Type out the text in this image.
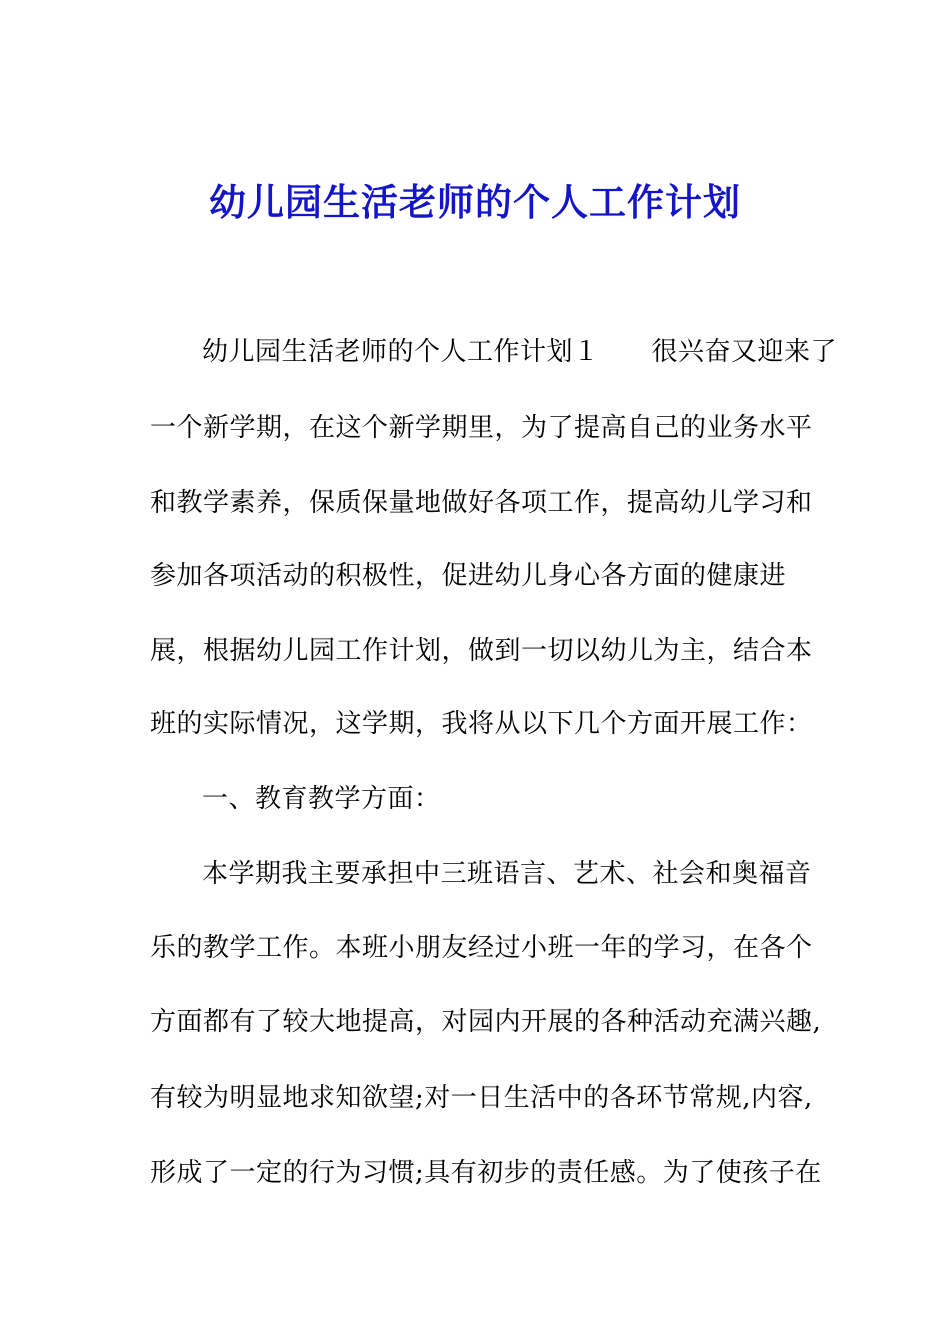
幼儿园生活老师的个人工作计划
幼儿园生活老师的个人工作计划１ 很兴奋又迎来了
一个新学期，在这个新学期里，为了提高自己的业务水平
和教学素养，保质保量地做好各项工作，提高幼儿学习和
参加各项活动的积极性，促进幼儿身心各方面的健康进
展，根据幼儿园工作计划，做到一切以幼儿为主，结合本
班的实际情况，这学期，我将从以下几个方面开展工作：
一、教育教学方面：
本学期我主要承担中三班语言、艺术、社会和奥福音
乐的教学工作。本班小朋友经过小班一年的学习，在各个
方面都有了较大地提高，对园内开展的各种活动充满兴趣,
有较为明显地求知欲望;对一日生活中的各环节常规,内容,
形成了一定的行为习惯;具有初步的责任感。为了使孩子在
